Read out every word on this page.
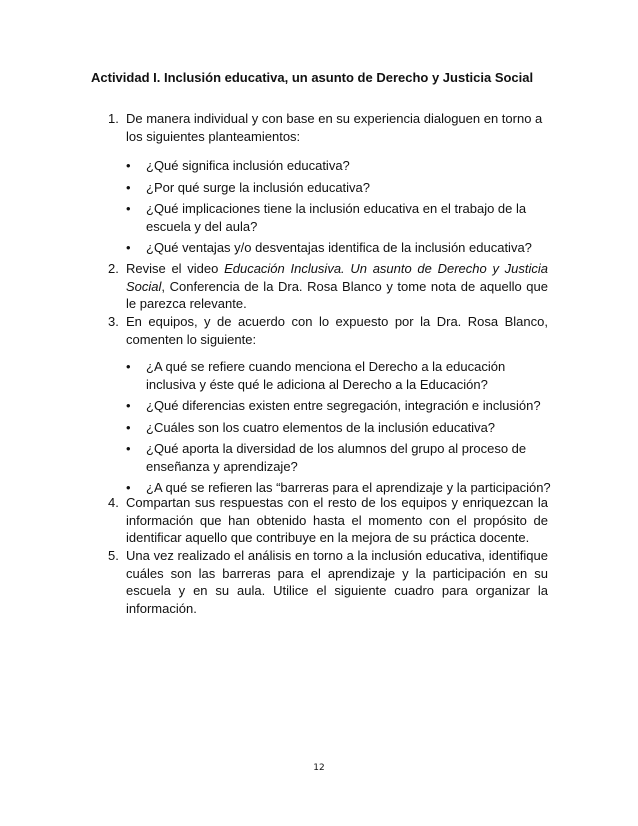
Actividad I. Inclusión educativa, un asunto de Derecho y Justicia Social
1. De manera individual y con base en su experiencia dialoguen en torno a los siguientes planteamientos:
• ¿Qué significa inclusión educativa?
• ¿Por qué surge la inclusión educativa?
• ¿Qué implicaciones tiene la inclusión educativa en el trabajo de la escuela y del aula?
• ¿Qué ventajas y/o desventajas identifica de la inclusión educativa?
2. Revise el video Educación Inclusiva. Un asunto de Derecho y Justicia Social, Conferencia de la Dra. Rosa Blanco y tome nota de aquello que le parezca relevante.
3. En equipos, y de acuerdo con lo expuesto por la Dra. Rosa Blanco, comenten lo siguiente:
• ¿A qué se refiere cuando menciona el Derecho a la educación inclusiva y éste qué le adiciona al Derecho a la Educación?
• ¿Qué diferencias existen entre segregación, integración e inclusión?
• ¿Cuáles son los cuatro elementos de la inclusión educativa?
• ¿Qué aporta la diversidad de los alumnos del grupo al proceso de enseñanza y aprendizaje?
• ¿A qué se refieren las “barreras para el aprendizaje y la participación?
4. Compartan sus respuestas con el resto de los equipos y enriquezcan la información que han obtenido hasta el momento con el propósito de identificar aquello que contribuye en la mejora de su práctica docente.
5. Una vez realizado el análisis en torno a la inclusión educativa, identifique cuáles son las barreras para el aprendizaje y la participación en su escuela y en su aula. Utilice el siguiente cuadro para organizar la información.
12
